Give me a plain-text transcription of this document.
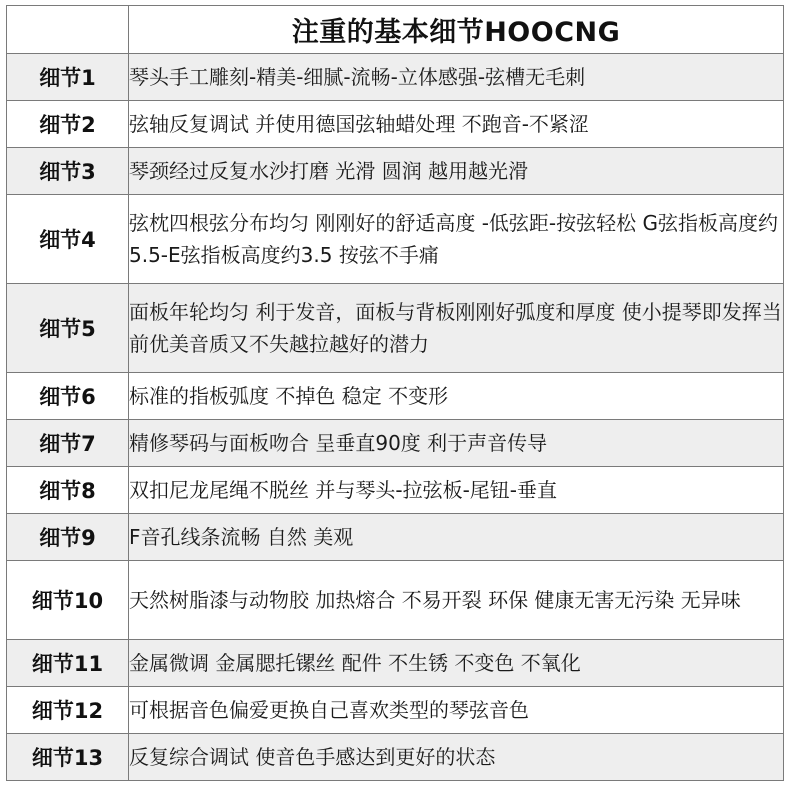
	注重的基本细节HOOCNG
细节1	琴头手工雕刻-精美-细腻-流畅-立体感强-弦槽无毛刺
细节2	弦轴反复调试 并使用德国弦轴蜡处理 不跑音-不紧涩
细节3	琴颈经过反复水沙打磨 光滑 圆润 越用越光滑
细节4	弦枕四根弦分布均匀 刚刚好的舒适高度 -低弦距-按弦轻松 G弦指板高度约5.5-E弦指板高度约3.5 按弦不手痛
细节5	面板年轮均匀 利于发音，面板与背板刚刚好弧度和厚度 使小提琴即发挥当前优美音质又不失越拉越好的潜力
细节6	标准的指板弧度 不掉色 稳定 不变形
细节7	精修琴码与面板吻合 呈垂直90度 利于声音传导
细节8	双扣尼龙尾绳不脱丝 并与琴头-拉弦板-尾钮-垂直
细节9	F音孔线条流畅 自然 美观
细节10	天然树脂漆与动物胶 加热熔合 不易开裂 环保 健康无害无污染 无异味
细节11	金属微调 金属腮托镙丝 配件 不生锈 不变色 不氧化
细节12	可根据音色偏爱更换自己喜欢类型的琴弦音色
细节13	反复综合调试 使音色手感达到更好的状态
